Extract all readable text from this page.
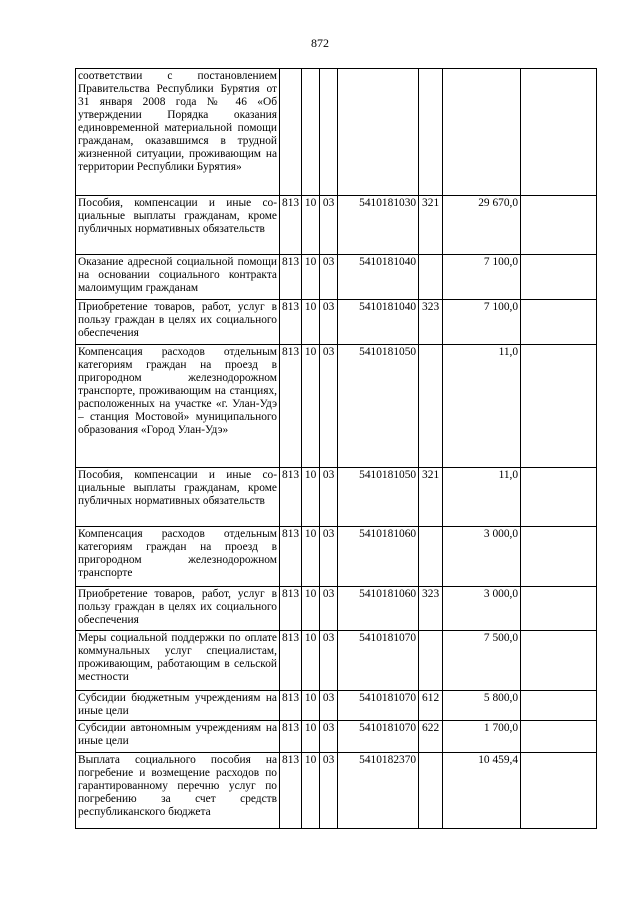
872
соответствии с постановлением Правительства Республики Бурятия от 31 января 2008 года № 46 «Об утверждении Порядка оказания единовременной материальной помощи гражданам, оказавшимся в трудной жизненной ситуации, проживающим на территории Республики Бурятия»							
Пособия, компенсации и иные социальные выплаты гражданам, кроме публичных нормативных обязательств	813	10	03	5410181030	321	29 670,0	
Оказание адресной социальной помощи на основании социального контракта малоимущим гражданам	813	10	03	5410181040		7 100,0	
Приобретение товаров, работ, услуг в пользу граждан в целях их социального обеспечения	813	10	03	5410181040	323	7 100,0	
Компенсация расходов отдельным категориям граждан на проезд в пригородном железнодорожном транспорте, проживающим на станциях, расположенных на участке «г. Улан-Удэ – станция Мостовой» муниципального образования «Город Улан-Удэ»	813	10	03	5410181050		11,0	
Пособия, компенсации и иные социальные выплаты гражданам, кроме публичных нормативных обязательств	813	10	03	5410181050	321	11,0	
Компенсация расходов отдельным категориям граждан на проезд в пригородном железнодорожном транспорте	813	10	03	5410181060		3 000,0	
Приобретение товаров, работ, услуг в пользу граждан в целях их социального обеспечения	813	10	03	5410181060	323	3 000,0	
Меры социальной поддержки по оплате коммунальных услуг специалистам, проживающим, работающим в сельской местности	813	10	03	5410181070		7 500,0	
Субсидии бюджетным учреждениям на иные цели	813	10	03	5410181070	612	5 800,0	
Субсидии автономным учреждениям на иные цели	813	10	03	5410181070	622	1 700,0	
Выплата социального пособия на погребение и возмещение расходов по гарантированному перечню услуг по погребению за счет средств республиканского бюджета	813	10	03	5410182370		10 459,4	
